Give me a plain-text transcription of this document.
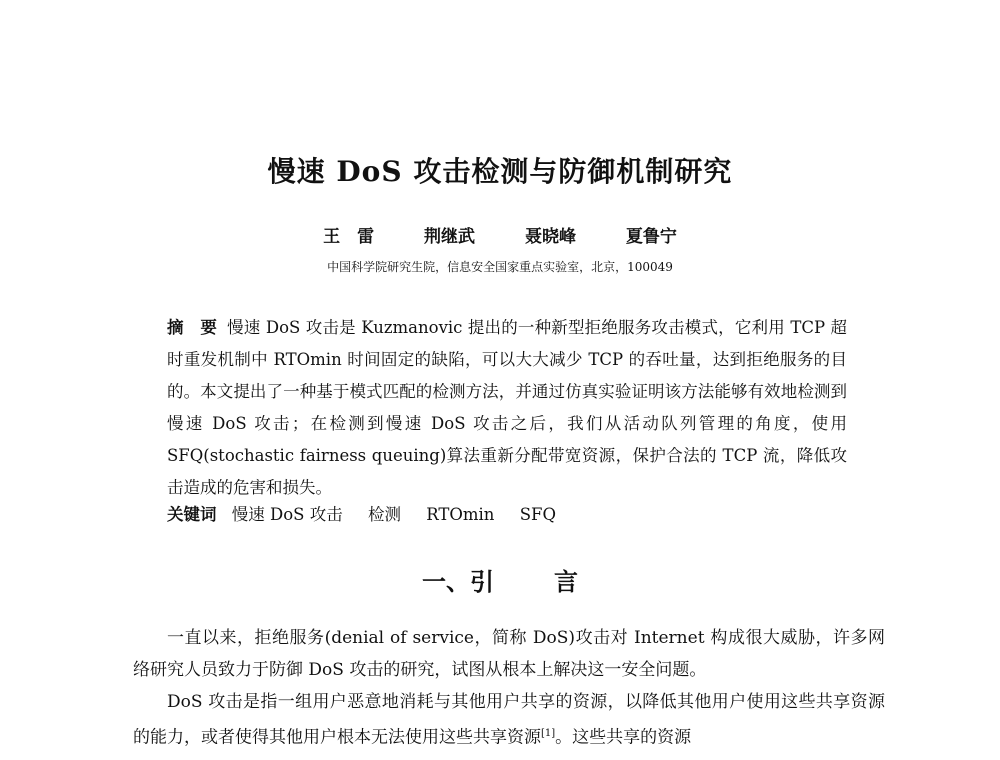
慢速 DoS 攻击检测与防御机制研究
王　雷	荆继武	聂晓峰	夏鲁宁
中国科学院研究生院，信息安全国家重点实验室，北京，100049
摘　要 慢速 DoS 攻击是 Kuzmanovic 提出的一种新型拒绝服务攻击模式，它利用 TCP 超时重发机制中 RTOmin 时间固定的缺陷，可以大大减少 TCP 的吞吐量，达到拒绝服务的目的。本文提出了一种基于模式匹配的检测方法，并通过仿真实验证明该方法能够有效地检测到慢速 DoS 攻击；在检测到慢速 DoS 攻击之后，我们从活动队列管理的角度，使用 SFQ(stochastic fairness queuing)算法重新分配带宽资源，保护合法的 TCP 流，降低攻击造成的危害和损失。
关键词 慢速 DoS 攻击 检测 RTOmin SFQ
一、引	言

一直以来，拒绝服务(denial of service，简称 DoS)攻击对 Internet 构成很大威胁，许多网络研究人员致力于防御 DoS 攻击的研究，试图从根本上解决这一安全问题。

DoS 攻击是指一组用户恶意地消耗与其他用户共享的资源，以降低其他用户使用这些共享资源的能力，或者使得其他用户根本无法使用这些共享资源[1]。这些共享的资源
